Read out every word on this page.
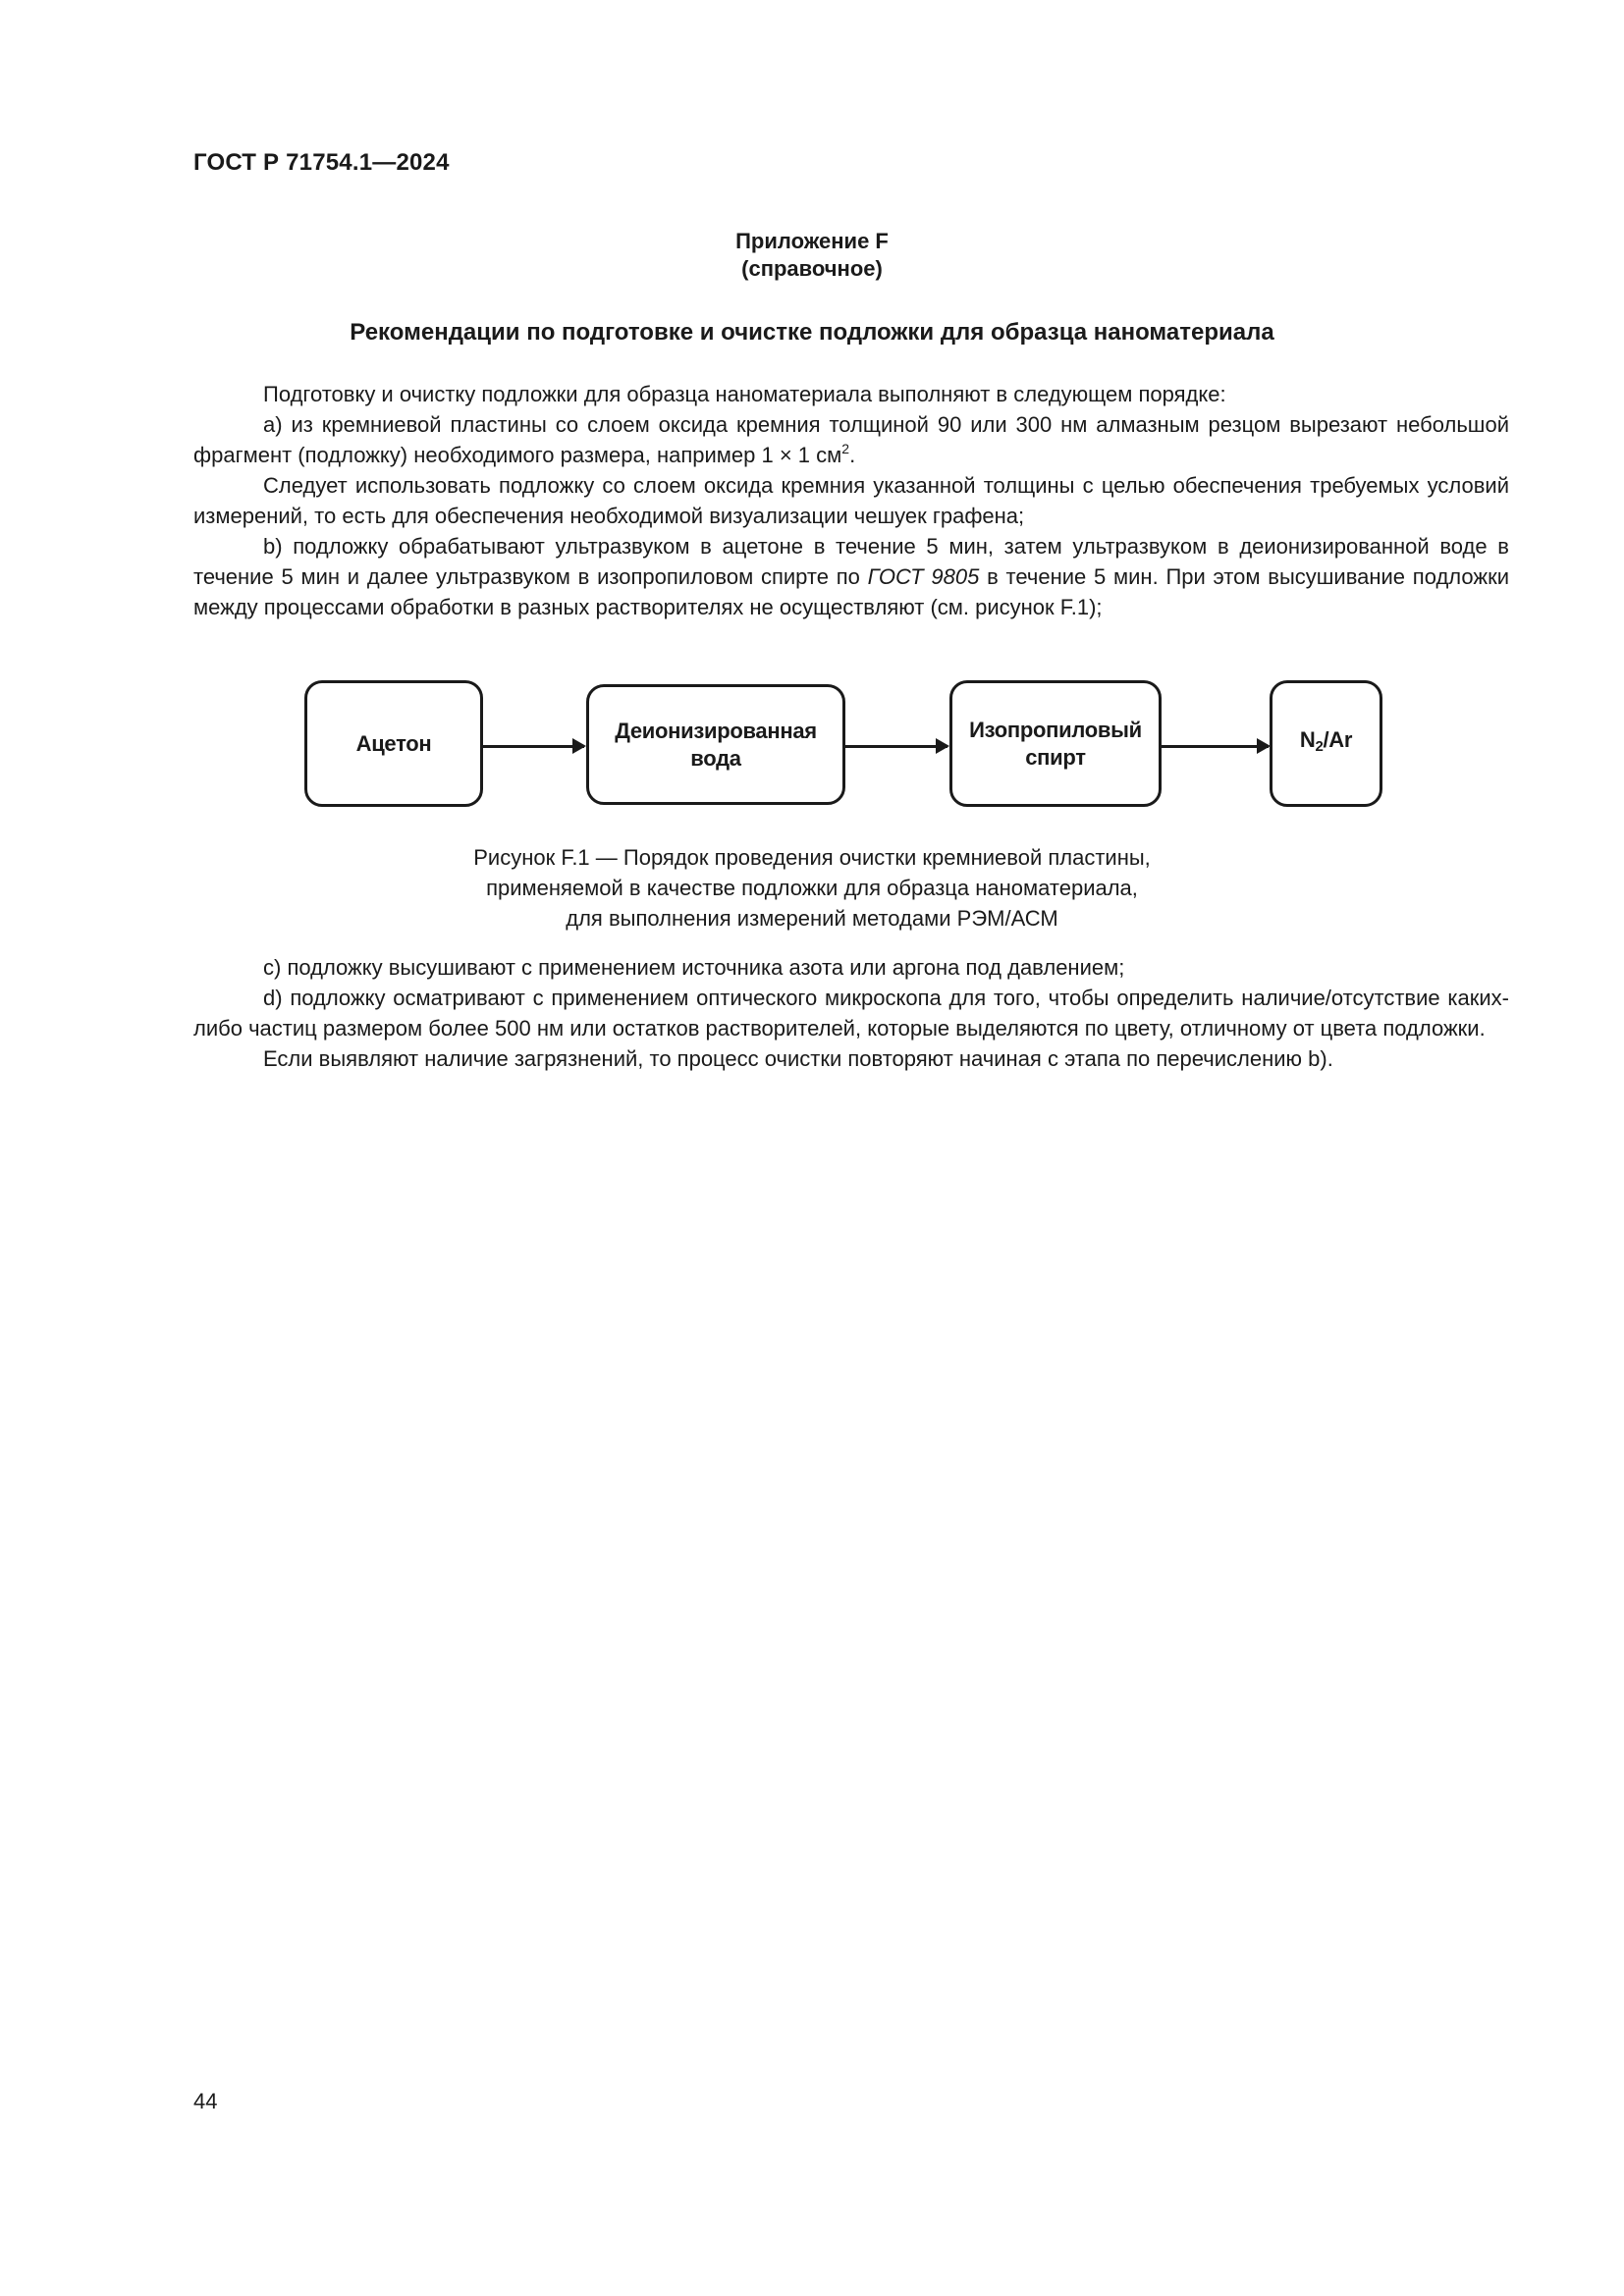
ГОСТ Р 71754.1—2024
Приложение F
(справочное)
Рекомендации по подготовке и очистке подложки для образца наноматериала

Подготовку и очистку подложки для образца наноматериала выполняют в следующем порядке:

а) из кремниевой пластины со слоем оксида кремния толщиной 90 или 300 нм алмазным резцом вырезают небольшой фрагмент (подложку) необходимого размера, например 1 × 1 $см^2$.

Следует использовать подложку со слоем оксида кремния указанной толщины с целью обеспечения требуемых условий измерений, то есть для обеспечения необходимой визуализации чешуек графена;

b) подложку обрабатывают ультразвуком в ацетоне в течение 5 мин, затем ультразвуком в деионизированной воде в течение 5 мин и далее ультразвуком в изопропиловом спирте по ГОСТ 9805 в течение 5 мин. При этом высушивание подложки между процессами обработки в разных растворителях не осуществляют (см. рисунок F.1);

Ацетон
Деионизированная
вода
Изопропиловый
спирт
$N_2/Ar$
Рисунок F.1 — Порядок проведения очистки кремниевой пластины,
применяемой в качестве подложки для образца наноматериала,
для выполнения измерений методами РЭМ/АСМ

с) подложку высушивают с применением источника азота или аргона под давлением;

d) подложку осматривают с применением оптического микроскопа для того, чтобы определить наличие/отсутствие каких-либо частиц размером более 500 нм или остатков растворителей, которые выделяются по цвету, отличному от цвета подложки.

Если выявляют наличие загрязнений, то процесс очистки повторяют начиная с этапа по перечислению b).

44
